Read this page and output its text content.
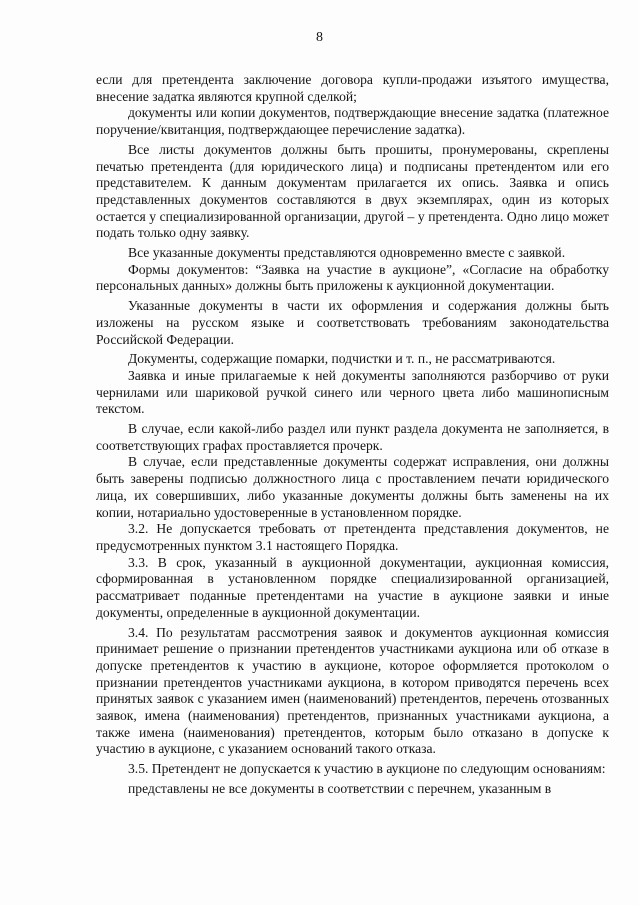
8

если для претендента заключение договора купли-продажи изъятого имущества, внесение задатка являются крупной сделкой;

документы или копии документов, подтверждающие внесение задатка (платежное поручение/квитанция, подтверждающее перечисление задатка).

Все листы документов должны быть прошиты, пронумерованы, скреплены печатью претендента (для юридического лица) и подписаны претендентом или его представителем. К данным документам прилагается их опись. Заявка и опись представленных документов составляются в двух экземплярах, один из которых остается у специализированной организации, другой – у претендента. Одно лицо может подать только одну заявку.

Все указанные документы представляются одновременно вместе с заявкой.

Формы документов: “Заявка на участие в аукционе”, «Согласие на обработку персональных данных» должны быть приложены к аукционной документации.

Указанные документы в части их оформления и содержания должны быть изложены на русском языке и соответствовать требованиям законодательства Российской Федерации.

Документы, содержащие помарки, подчистки и т. п., не рассматриваются.

Заявка и иные прилагаемые к ней документы заполняются разборчиво от руки чернилами или шариковой ручкой синего или черного цвета либо машинописным текстом.

В случае, если какой-либо раздел или пункт раздела документа не заполняется, в соответствующих графах проставляется прочерк.

В случае, если представленные документы содержат исправления, они должны быть заверены подписью должностного лица с проставлением печати юридического лица, их совершивших, либо указанные документы должны быть заменены на их копии, нотариально удостоверенные в установленном порядке.

3.2. Не допускается требовать от претендента представления документов, не предусмотренных пунктом 3.1 настоящего Порядка.

3.3. В срок, указанный в аукционной документации, аукционная комиссия, сформированная в установленном порядке специализированной организацией, рассматривает поданные претендентами на участие в аукционе заявки и иные документы, определенные в аукционной документации.

3.4. По результатам рассмотрения заявок и документов аукционная комиссия принимает решение о признании претендентов участниками аукциона или об отказе в допуске претендентов к участию в аукционе, которое оформляется протоколом о признании претендентов участниками аукциона, в котором приводятся перечень всех принятых заявок с указанием имен (наименований) претендентов, перечень отозванных заявок, имена (наименования) претендентов, признанных участниками аукциона, а также имена (наименования) претендентов, которым было отказано в допуске к участию в аукционе, с указанием оснований такого отказа.

3.5. Претендент не допускается к участию в аукционе по следующим основаниям:

представлены не все документы в соответствии с перечнем, указанным в
